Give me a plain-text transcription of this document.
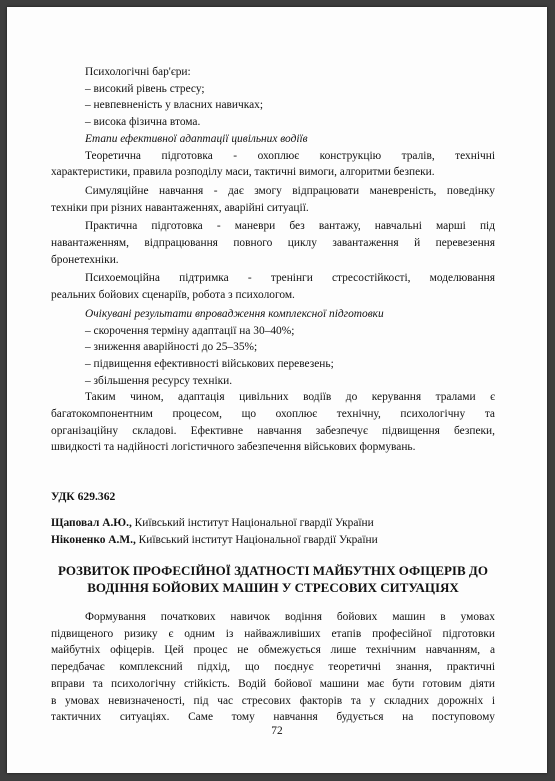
Психологічні бар'єри:

– високий рівень стресу;

– невпевненість у власних навичках;

– висока фізична втома.

Етапи ефективної адаптації цивільних водіїв

Теоретична підготовка - охоплює конструкцію тралів, технічні

характеристики, правила розподілу маси, тактичні вимоги, алгоритми безпеки.

Симуляційне навчання - дає змогу відпрацювати маневреність, поведінку

техніки при різних навантаженнях, аварійні ситуації.

Практична підготовка - маневри без вантажу, навчальні марші під

навантаженням, відпрацювання повного циклу завантаження й перевезення

бронетехніки.

Психоемоційна підтримка - тренінги стресостійкості, моделювання

реальних бойових сценаріїв, робота з психологом.

Очікувані результати впровадження комплексної підготовки

– скорочення терміну адаптації на 30–40%;

– зниження аварійності до 25–35%;

– підвищення ефективності військових перевезень;

– збільшення ресурсу техніки.

Таким чином, адаптація цивільних водіїв до керування тралами є

багатокомпонентним процесом, що охоплює технічну, психологічну та

організаційну складові. Ефективне навчання забезпечує підвищення безпеки,

швидкості та надійності логістичного забезпечення військових формувань.

УДК 629.362
Щаповал А.Ю., Київський інститут Національної гвардії України
Ніконенко А.М., Київський інститут Національної гвардії України
РОЗВИТОК ПРОФЕСІЙНОЇ ЗДАТНОСТІ МАЙБУТНІХ ОФІЦЕРІВ ДО
ВОДІННЯ БОЙОВИХ МАШИН У СТРЕСОВИХ СИТУАЦІЯХ

Формування початкових навичок водіння бойових машин в умовах

підвищеного ризику є одним із найважливіших етапів професійної підготовки

майбутніх офіцерів. Цей процес не обмежується лише технічним навчанням, а

передбачає комплексний підхід, що поєднує теоретичні знання, практичні

вправи та психологічну стійкість. Водій бойової машини має бути готовим діяти

в умовах невизначеності, під час стресових факторів та у складних дорожніх і

тактичних ситуаціях. Саме тому навчання будується на поступовому

72
